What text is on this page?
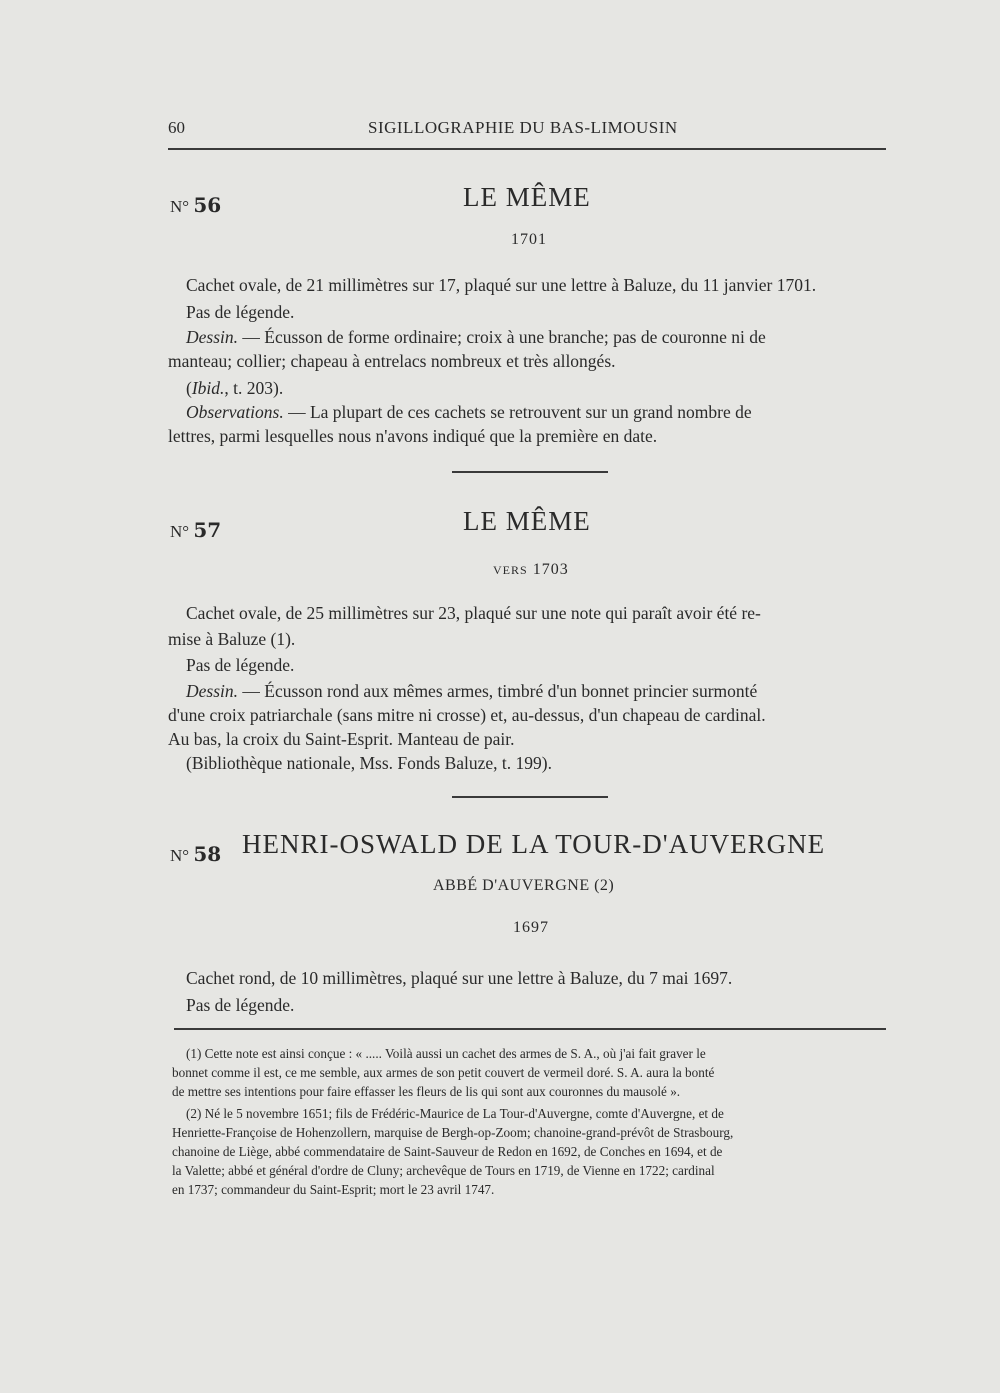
60	SIGILLOGRAPHIE DU BAS-LIMOUSIN
N° 56	LE MÊME
1701
Cachet ovale, de 21 millimètres sur 17, plaqué sur une lettre à Baluze, du 11 janvier 1701.
Pas de légende.
Dessin. — Écusson de forme ordinaire; croix à une branche; pas de couronne ni de
manteau; collier; chapeau à entrelacs nombreux et très allongés.
(Ibid., t. 203).
Observations. — La plupart de ces cachets se retrouvent sur un grand nombre de
lettres, parmi lesquelles nous n'avons indiqué que la première en date.
N° 57	LE MÊME
VERS 1703
Cachet ovale, de 25 millimètres sur 23, plaqué sur une note qui paraît avoir été re-
mise à Baluze (1).
Pas de légende.
Dessin. — Écusson rond aux mêmes armes, timbré d'un bonnet princier surmonté
d'une croix patriarchale (sans mitre ni crosse) et, au-dessus, d'un chapeau de cardinal.
Au bas, la croix du Saint-Esprit. Manteau de pair.
(Bibliothèque nationale, Mss. Fonds Baluze, t. 199).
N° 58 HENRI-OSWALD DE LA TOUR-D'AUVERGNE
ABBÉ D'AUVERGNE (2)
1697
Cachet rond, de 10 millimètres, plaqué sur une lettre à Baluze, du 7 mai 1697.
Pas de légende.
(1) Cette note est ainsi conçue : « ..... Voilà aussi un cachet des armes de S. A., où j'ai fait graver le
bonnet comme il est, ce me semble, aux armes de son petit couvert de vermeil doré. S. A. aura la bonté
de mettre ses intentions pour faire effasser les fleurs de lis qui sont aux couronnes du mausolé ».
(2) Né le 5 novembre 1651; fils de Frédéric-Maurice de La Tour-d'Auvergne, comte d'Auvergne, et de
Henriette-Françoise de Hohenzollern, marquise de Bergh-op-Zoom; chanoine-grand-prévôt de Strasbourg,
chanoine de Liège, abbé commendataire de Saint-Sauveur de Redon en 1692, de Conches en 1694, et de
la Valette; abbé et général d'ordre de Cluny; archevêque de Tours en 1719, de Vienne en 1722; cardinal
en 1737; commandeur du Saint-Esprit; mort le 23 avril 1747.
